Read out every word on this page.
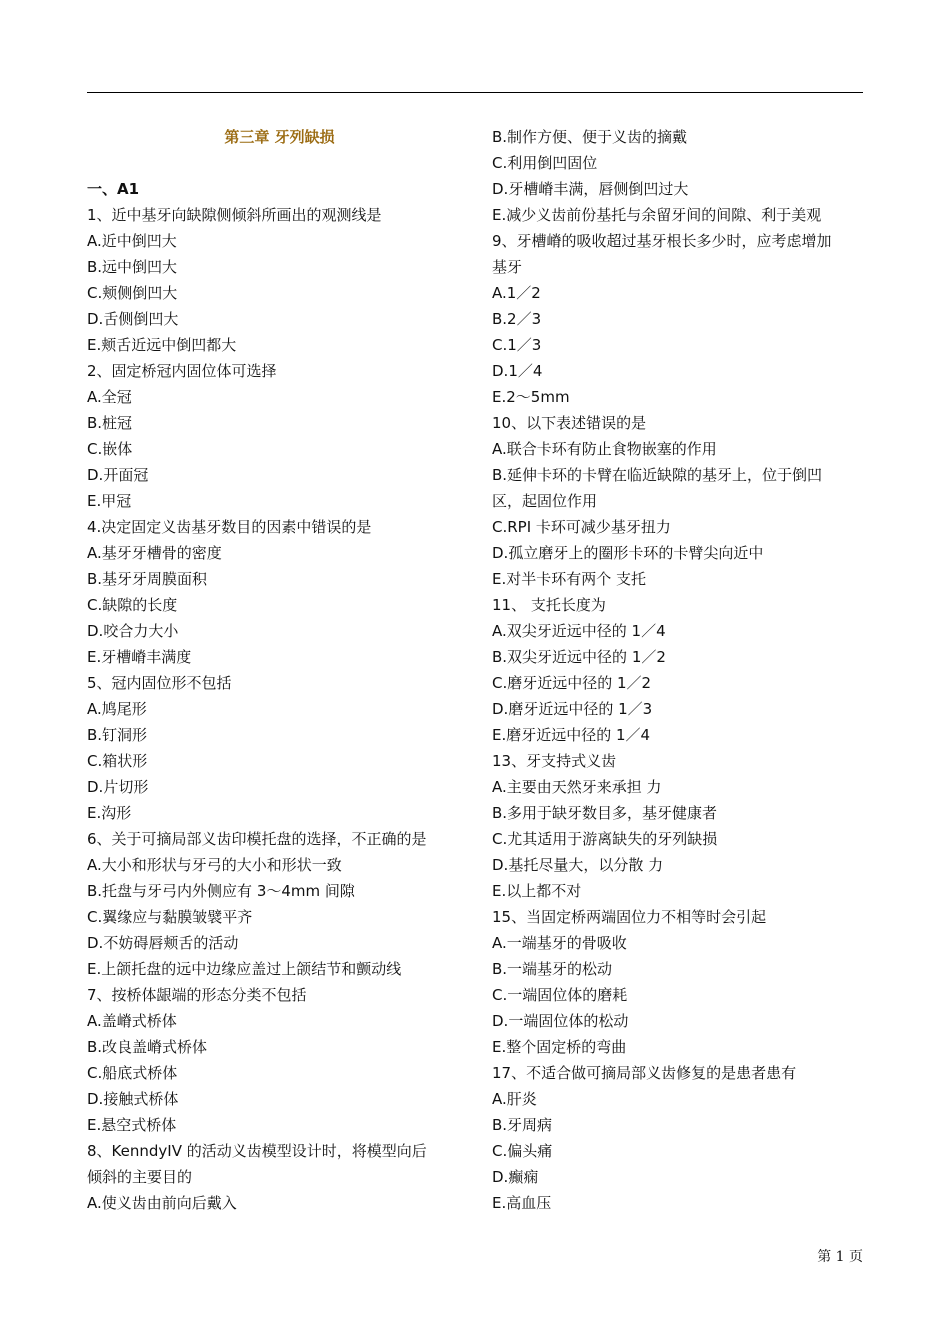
第三章 牙列缺损
一、A1
1、近中基牙向缺隙侧倾斜所画出的观测线是
A.近中倒凹大
B.远中倒凹大
C.颊侧倒凹大
D.舌侧倒凹大
E.颊舌近远中倒凹都大
2、固定桥冠内固位体可选择
A.全冠
B.桩冠
C.嵌体
D.开面冠
E.甲冠
4.决定固定义齿基牙数目的因素中错误的是
A.基牙牙槽骨的密度
B.基牙牙周膜面积
C.缺隙的长度
D.咬合力大小
E.牙槽嵴丰满度
5、冠内固位形不包括
A.鸠尾形
B.钉洞形
C.箱状形
D.片切形
E.沟形
6、关于可摘局部义齿印模托盘的选择，不正确的是
A.大小和形状与牙弓的大小和形状一致
B.托盘与牙弓内外侧应有 3～4mm 间隙
C.翼缘应与黏膜皱襞平齐
D.不妨碍唇颊舌的活动
E.上颌托盘的远中边缘应盖过上颌结节和颤动线
7、按桥体龈端的形态分类不包括
A.盖嵴式桥体
B.改良盖嵴式桥体
C.船底式桥体
D.接触式桥体
E.悬空式桥体
8、KenndyIV 的活动义齿模型设计时，将模型向后
倾斜的主要目的
A.使义齿由前向后戴入
B.制作方便、便于义齿的摘戴
C.利用倒凹固位
D.牙槽嵴丰满，唇侧倒凹过大
E.减少义齿前份基托与余留牙间的间隙、利于美观
9、牙槽嵴的吸收超过基牙根长多少时，应考虑增加
基牙
A.1／2
B.2／3
C.1／3
D.1／4
E.2～5mm
10、以下表述错误的是
A.联合卡环有防止食物嵌塞的作用
B.延伸卡环的卡臂在临近缺隙的基牙上，位于倒凹
区，起固位作用
C.RPI 卡环可减少基牙扭力
D.孤立磨牙上的圈形卡环的卡臂尖向近中
E.对半卡环有两个 支托
11、 支托长度为
A.双尖牙近远中径的 1／4
B.双尖牙近远中径的 1／2
C.磨牙近远中径的 1／2
D.磨牙近远中径的 1／3
E.磨牙近远中径的 1／4
13、牙支持式义齿
A.主要由天然牙来承担 力
B.多用于缺牙数目多，基牙健康者
C.尤其适用于游离缺失的牙列缺损
D.基托尽量大，以分散 力
E.以上都不对
15、当固定桥两端固位力不相等时会引起
A.一端基牙的骨吸收
B.一端基牙的松动
C.一端固位体的磨耗
D.一端固位体的松动
E.整个固定桥的弯曲
17、不适合做可摘局部义齿修复的是患者患有
A.肝炎
B.牙周病
C.偏头痛
D.癫痫
E.高血压
第 1 页
